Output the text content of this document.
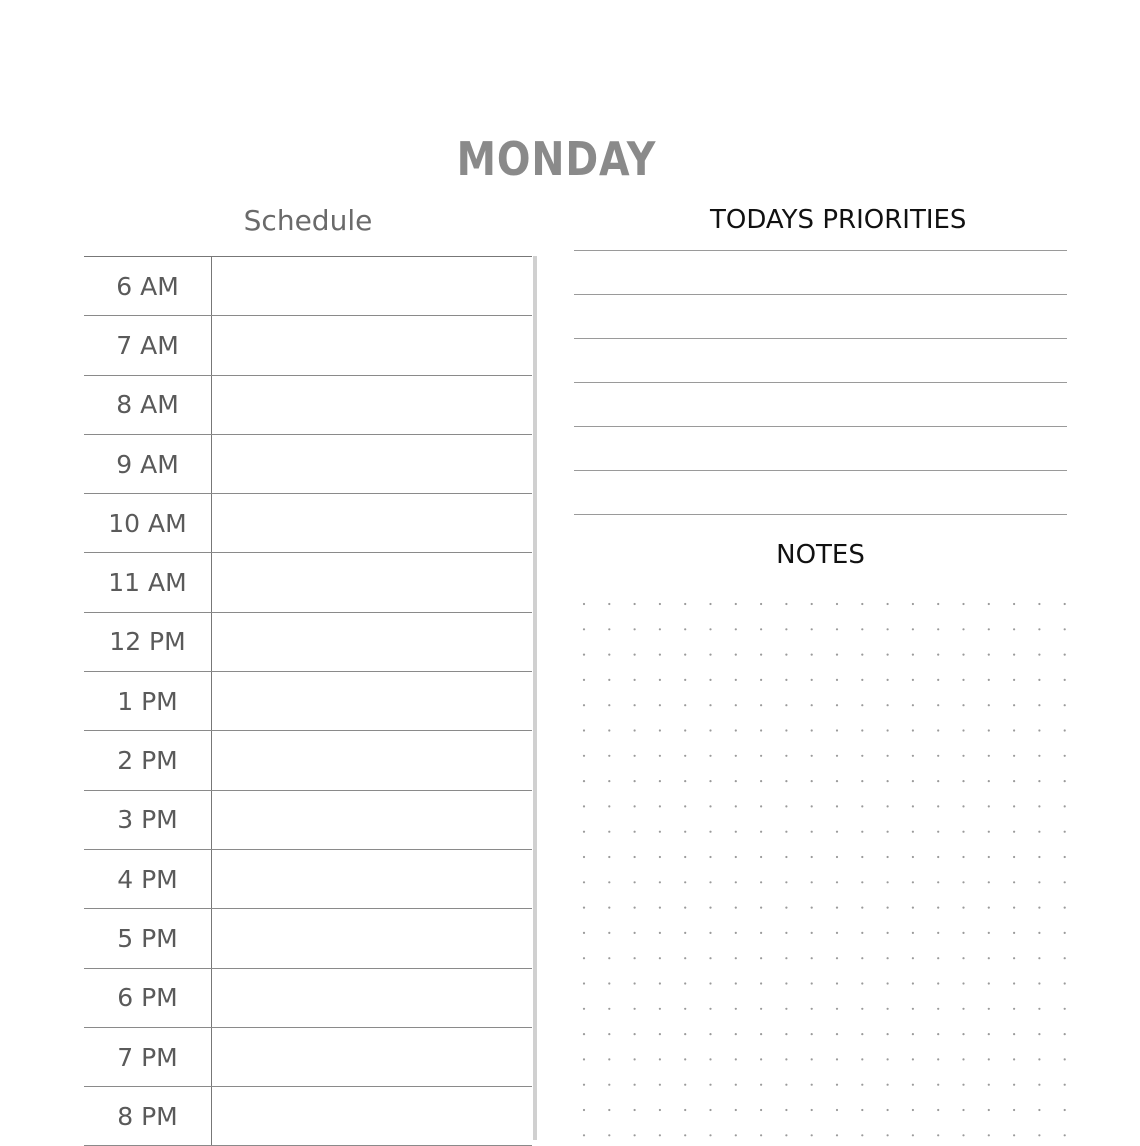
MONDAY
Schedule
6 AM
7 AM
8 AM
9 AM
10 AM
11 AM
12 PM
1 PM
2 PM
3 PM
4 PM
5 PM
6 PM
7 PM
8 PM
TODAYS PRIORITIES
NOTES
